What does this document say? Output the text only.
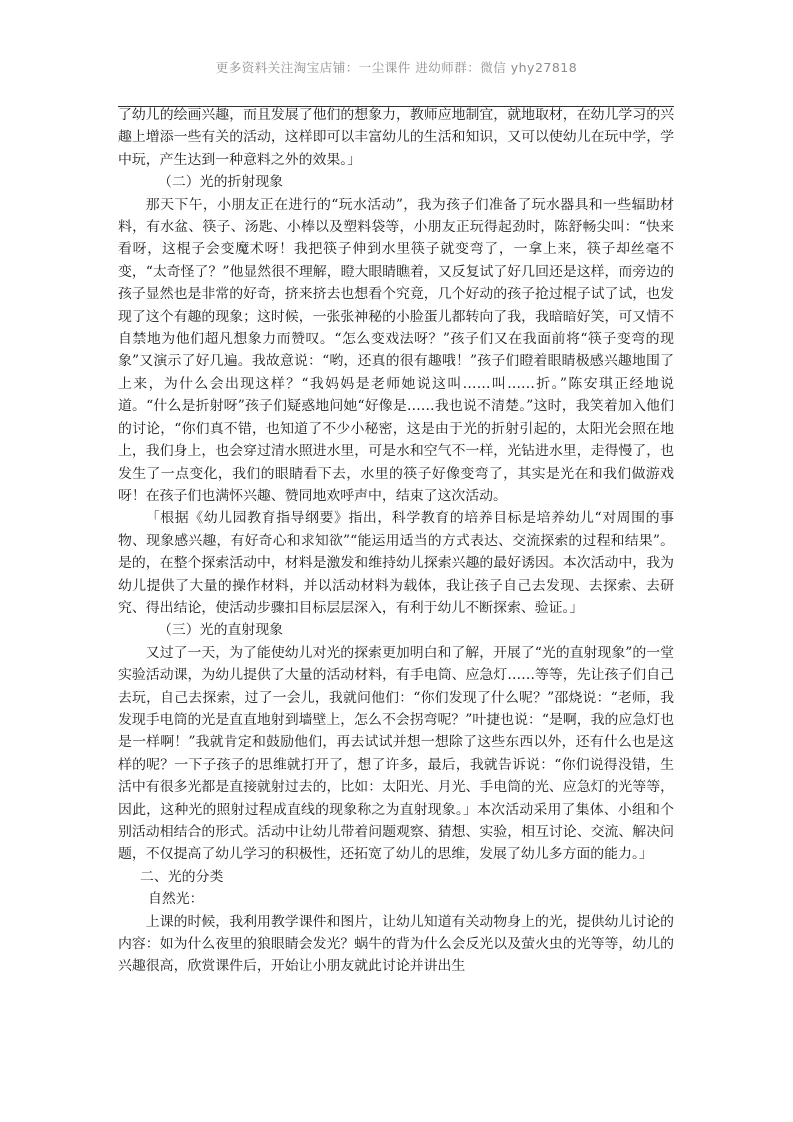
更多资料关注淘宝店铺：一尘课件 进幼师群：微信 yhy27818

了幼儿的绘画兴趣，而且发展了他们的想象力，教师应地制宜，就地取材，在幼儿学习的兴趣上增添一些有关的活动，这样即可以丰富幼儿的生活和知识，又可以使幼儿在玩中学，学中玩，产生达到一种意料之外的效果。」

（二）光的折射现象

那天下午，小朋友正在进行的“玩水活动”，我为孩子们准备了玩水器具和一些辐助材料，有水盆、筷子、汤匙、小棒以及塑料袋等，小朋友正玩得起劲时，陈舒畅尖叫：“快来看呀，这棍子会变魔术呀！我把筷子伸到水里筷子就变弯了，一拿上来，筷子却丝毫不变，“太奇怪了？”他显然很不理解，瞪大眼睛瞧着，又反复试了好几回还是这样，而旁边的孩子显然也是非常的好奇，挤来挤去也想看个究竟，几个好动的孩子抢过棍子试了试，也发现了这个有趣的现象；这时候，一张张神秘的小脸蛋儿都转向了我，我暗暗好笑，可又情不自禁地为他们超凡想象力而赞叹。“怎么变戏法呀？”孩子们又在我面前将“筷子变弯的现象”又演示了好几遍。我故意说：“哟，还真的很有趣哦！”孩子们瞪着眼睛极感兴趣地围了上来，为什么会出现这样？“我妈妈是老师她说这叫……叫……折。”陈安琪正经地说道。“什么是折射呀”孩子们疑惑地问她“好像是……我也说不清楚。”这时，我笑着加入他们的讨论，“你们真不错，也知道了不少小秘密，这是由于光的折射引起的，太阳光会照在地上，我们身上，也会穿过清水照进水里，可是水和空气不一样，光钻进水里，走得慢了，也发生了一点变化，我们的眼睛看下去，水里的筷子好像变弯了，其实是光在和我们做游戏呀！在孩子们也满怀兴趣、赞同地欢呼声中，结束了这次活动。

「根据《幼儿园教育指导纲要》指出，科学教育的培养目标是培养幼儿“对周围的事物、现象感兴趣，有好奇心和求知欲”“能运用适当的方式表达、交流探索的过程和结果”。是的，在整个探索活动中，材料是激发和维持幼儿探索兴趣的最好诱因。本次活动中，我为幼儿提供了大量的操作材料，并以活动材料为载体，我让孩子自己去发现、去探索、去研究、得出结论，使活动步骤扣目标层层深入，有利于幼儿不断探索、验证。」

（三）光的直射现象

又过了一天，为了能使幼儿对光的探索更加明白和了解，开展了“光的直射现象”的一堂实验活动课，为幼儿提供了大量的活动材料，有手电筒、应急灯……等等，先让孩子们自己去玩，自己去探索，过了一会儿，我就问他们：“你们发现了什么呢？”邵烧说：“老师，我发现手电筒的光是直直地射到墙壁上，怎么不会拐弯呢？”叶捷也说：“是啊，我的应急灯也是一样啊！”我就肯定和鼓励他们，再去试试并想一想除了这些东西以外，还有什么也是这样的呢？一下子孩子的思维就打开了，想了许多，最后，我就告诉说：“你们说得没错，生活中有很多光都是直接就射过去的，比如：太阳光、月光、手电筒的光、应急灯的光等等，因此，这种光的照射过程成直线的现象称之为直射现象。」本次活动采用了集体、小组和个别活动相结合的形式。活动中让幼儿带着问题观察、猜想、实验，相互讨论、交流、解决问题，不仅提高了幼儿学习的积极性，还拓宽了幼儿的思维，发展了幼儿多方面的能力。」

二、光的分类

自然光：

上课的时候，我利用教学课件和图片，让幼儿知道有关动物身上的光，提供幼儿讨论的内容：如为什么夜里的狼眼睛会发光？蜗牛的背为什么会反光以及萤火虫的光等等，幼儿的兴趣很高，欣赏课件后，开始让小朋友就此讨论并讲出生
